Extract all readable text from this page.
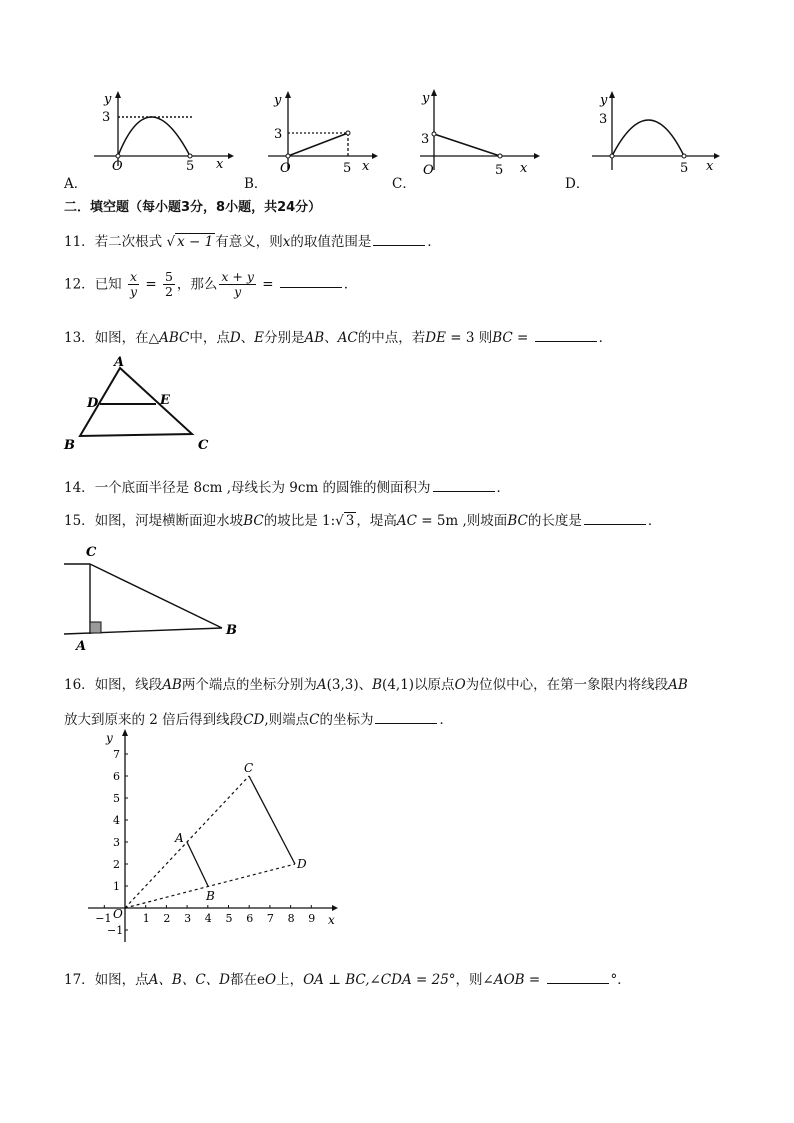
3
5 x
y
O
A．
3
5 x
y
O
B．
3
5 x
y
O
C．
3
5 x
y
D．
二．填空题（每小题3分，8小题，共24分）
11．若二次根式 √ x − 1 有意义，则x的取值范围是	．
12．已知 $\frac{x}{y} = \frac{5}{2}$ ，那么 $\frac{x + y}{y}$ =	．
13．如图，在△ABC中，点D、E分别是AB、AC的中点，若DE = 3 则BC =	．
A
D	E
B	C
14．一个底面半径是 8cm ,母线长为 9cm 的圆锥的侧面积为	．
15．如图，河堤横断面迎水坡BC的坡比是 1:√ 3 ，堤高AC = 5m ,则坡面BC的长度是	．
C
A
B
16．如图，线段AB两个端点的坐标分别为A(3,3)、B(4,1)以原点O为位似中心，在第一象限内将线段AB
放大到原来的 2 倍后得到线段CD,则端点C的坐标为	．
−1	1 2 3 4 5 6 7 8 9
−1
1
2
3
4
5
6
7
A
B
C
D
x
y
O
17．如图，点A、B、C、D都在eO上，OA ⊥ BC,∠CDA = 25°，则∠AOB =	°．
